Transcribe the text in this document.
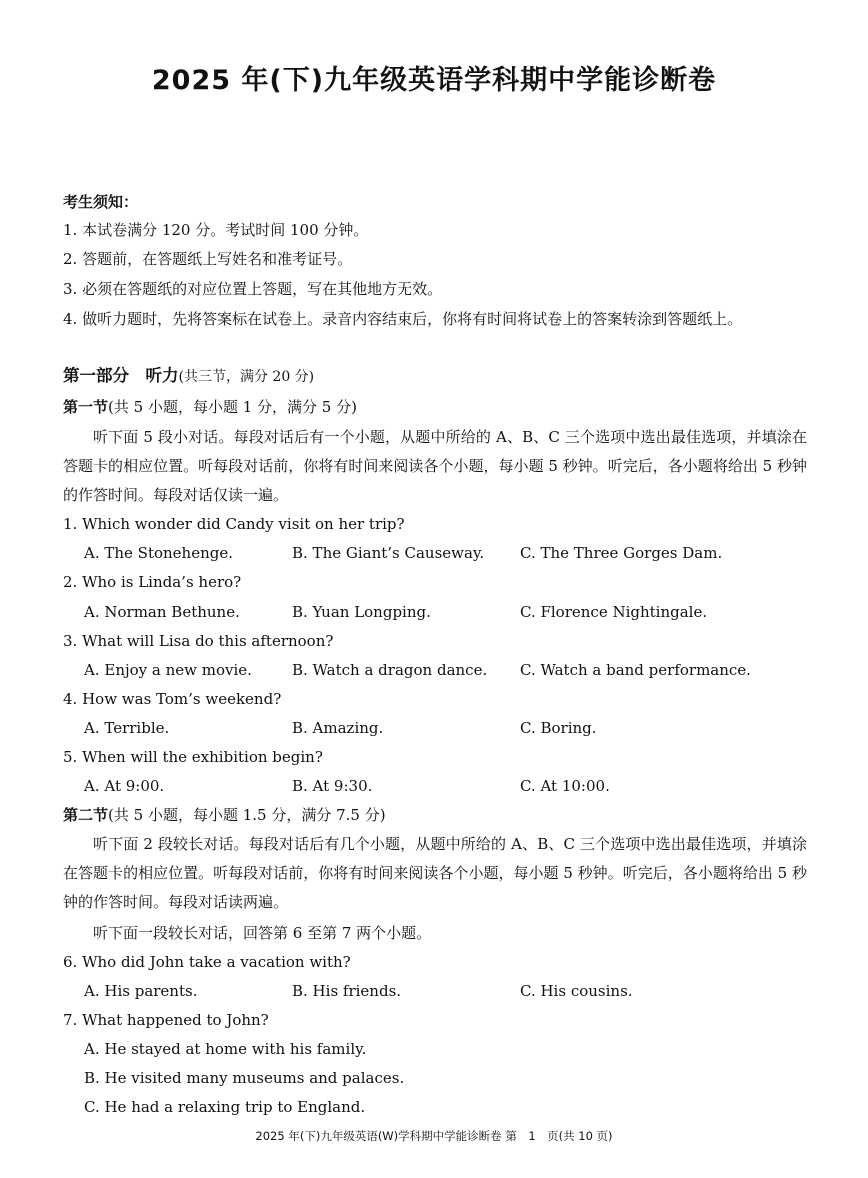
2025 年(下)九年级英语学科期中学能诊断卷
考生须知：
1. 本试卷满分 120 分。考试时间 100 分钟。
2. 答题前，在答题纸上写姓名和准考证号。
3. 必须在答题纸的对应位置上答题，写在其他地方无效。
4. 做听力题时，先将答案标在试卷上。录音内容结束后，你将有时间将试卷上的答案转涂到答题纸上。
第一部分　听力(共三节，满分 20 分)
第一节(共 5 小题，每小题 1 分，满分 5 分)
听下面 5 段小对话。每段对话后有一个小题，从题中所给的 A、B、C 三个选项中选出最佳选项，并填涂在答题卡的相应位置。听每段对话前，你将有时间来阅读各个小题，每小题 5 秒钟。听完后，各小题将给出 5 秒钟的作答时间。每段对话仅读一遍。
1. Which wonder did Candy visit on her trip?
A. The Stonehenge.	B. The Giant’s Causeway. C. The Three Gorges Dam.
2. Who is Linda’s hero?
A. Norman Bethune.	B. Yuan Longping.	C. Florence Nightingale.
3. What will Lisa do this afternoon?
A. Enjoy a new movie.	B. Watch a dragon dance. C. Watch a band performance.
4. How was Tom’s weekend?
A. Terrible.	B. Amazing.	C. Boring.
5. When will the exhibition begin?
A. At 9:00.	B. At 9:30.	C. At 10:00.
第二节(共 5 小题，每小题 1.5 分，满分 7.5 分)
听下面 2 段较长对话。每段对话后有几个小题，从题中所给的 A、B、C 三个选项中选出最佳选项，并填涂在答题卡的相应位置。听每段对话前，你将有时间来阅读各个小题，每小题 5 秒钟。听完后，各小题将给出 5 秒钟的作答时间。每段对话读两遍。
听下面一段较长对话，回答第 6 至第 7 两个小题。
6. Who did John take a vacation with?
A. His parents.	B. His friends.	C. His cousins.
7. What happened to John?
A. He stayed at home with his family.
B. He visited many museums and palaces.
C. He had a relaxing trip to England.
2025 年(下)九年级英语(W)学科期中学能诊断卷 第　1　页(共 10 页)
